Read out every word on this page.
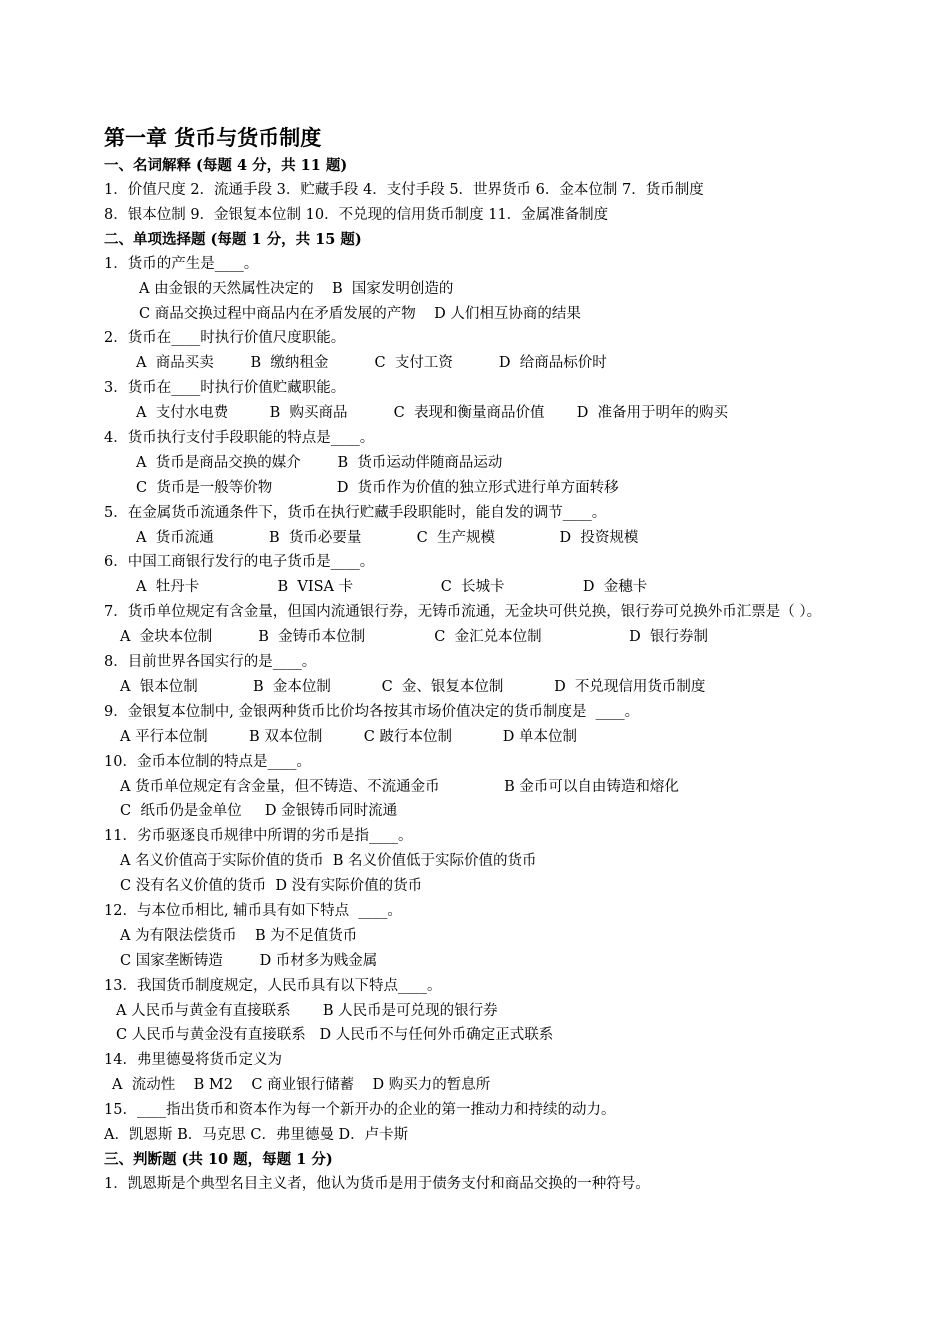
第一章 货币与货币制度
一、名词解释 (每题 4 分，共 11 题)
1．价值尺度 2．流通手段 3．贮藏手段 4．支付手段 5．世界货币 6．金本位制 7．货币制度
8．银本位制 9．金银复本位制 10．不兑现的信用货币制度 11．金属准备制度
二、单项选择题 (每题 1 分，共 15 题)
1．货币的产生是____。
A 由金银的天然属性决定的    B  国家发明创造的
C 商品交换过程中商品内在矛盾发展的产物    D 人们相互协商的结果
2．货币在____时执行价值尺度职能。
A  商品买卖        B  缴纳租金          C  支付工资          D  给商品标价时
3．货币在____时执行价值贮藏职能。
A  支付水电费         B  购买商品          C  表现和衡量商品价值       D  准备用于明年的购买
4．货币执行支付手段职能的特点是____。
A  货币是商品交换的媒介        B  货币运动伴随商品运动
C  货币是一般等价物              D  货币作为价值的独立形式进行单方面转移
5．在金属货币流通条件下，货币在执行贮藏手段职能时，能自发的调节____。
A  货币流通            B  货币必要量            C  生产规模              D  投资规模
6．中国工商银行发行的电子货币是____。
A  牡丹卡                 B  VISA 卡                   C  长城卡                 D  金穗卡
7．货币单位规定有含金量，但国内流通银行券，无铸币流通，无金块可供兑换，银行券可兑换外币汇票是（ ）。
A  金块本位制          B  金铸币本位制               C  金汇兑本位制                   D  银行券制
8．目前世界各国实行的是____。
A  银本位制            B  金本位制           C  金、银复本位制           D  不兑现信用货币制度
9．金银复本位制中, 金银两种货币比价均各按其市场价值决定的货币制度是  ____。
A 平行本位制         B 双本位制         C 跛行本位制           D 单本位制
10．金币本位制的特点是____。
A 货币单位规定有含金量，但不铸造、不流通金币              B 金币可以自由铸造和熔化
C  纸币仍是金单位     D 金银铸币同时流通
11．劣币驱逐良币规律中所谓的劣币是指____。
A 名义价值高于实际价值的货币  B 名义价值低于实际价值的货币
C 没有名义价值的货币  D 没有实际价值的货币
12．与本位币相比, 辅币具有如下特点  ____。
A 为有限法偿货币    B 为不足值货币
C 国家垄断铸造        D 币材多为贱金属
13．我国货币制度规定，人民币具有以下特点____。
A 人民币与黄金有直接联系       B 人民币是可兑现的银行券
C 人民币与黄金没有直接联系   D 人民币不与任何外币确定正式联系
14．弗里德曼将货币定义为
A  流动性    B M2    C 商业银行储蓄    D 购买力的暂息所
15．____指出货币和资本作为每一个新开办的企业的第一推动力和持续的动力。
A．凯恩斯 B．马克思 C．弗里德曼 D．卢卡斯
三、判断题 (共 10 题，每题 1 分)
1．凯恩斯是个典型名目主义者，他认为货币是用于债务支付和商品交换的一种符号。
